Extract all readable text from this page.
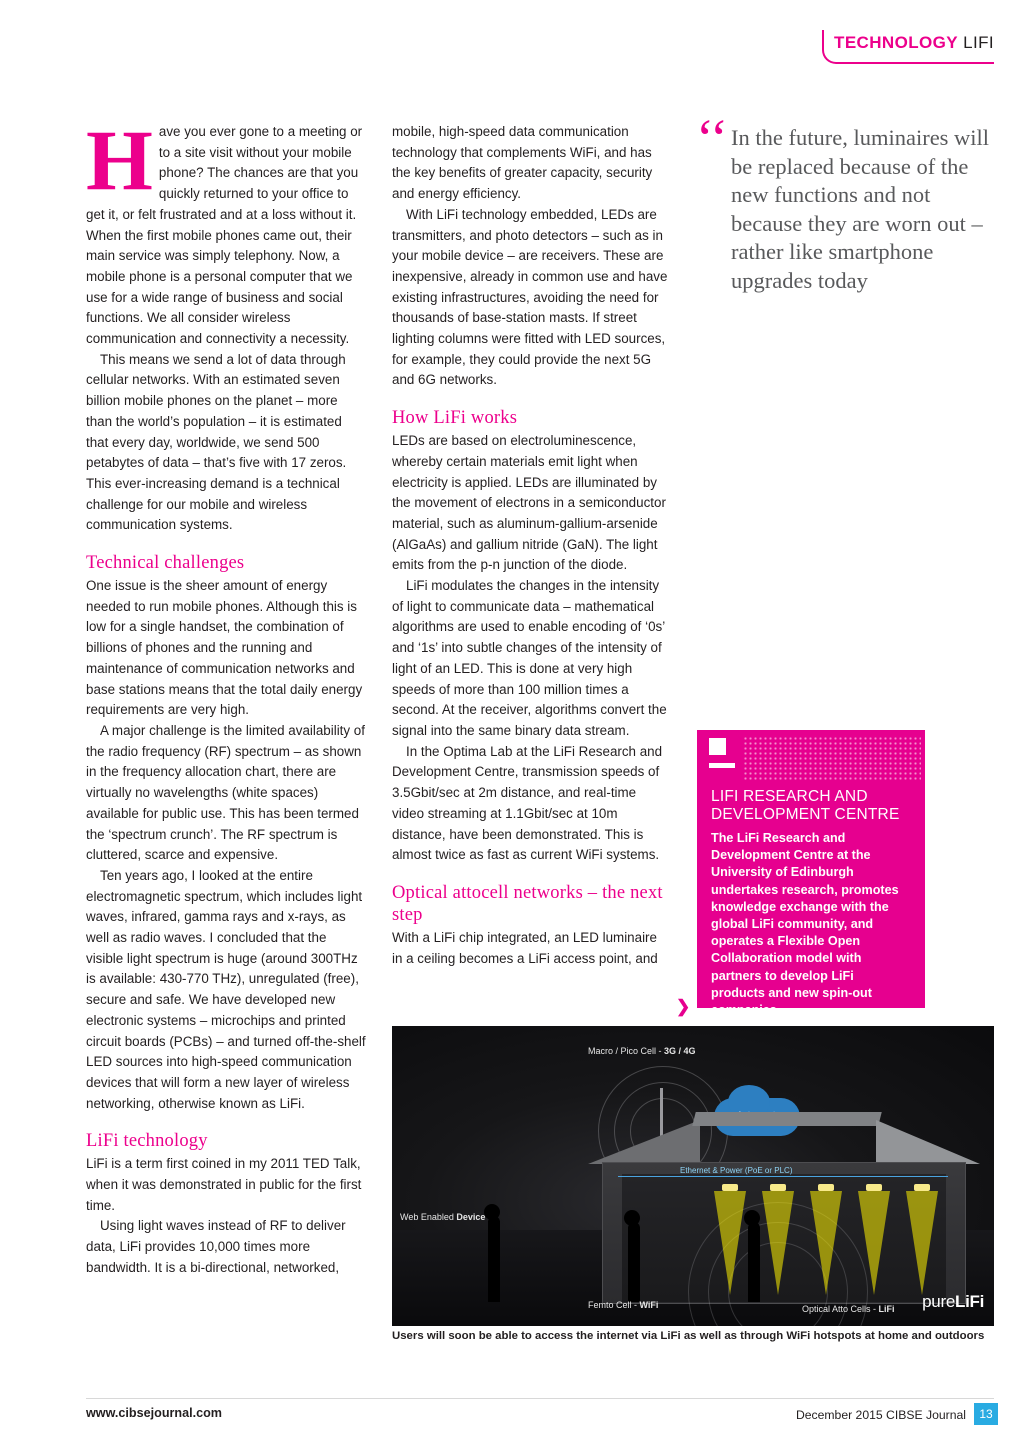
TECHNOLOGY LIFI

Have you ever gone to a meeting or to a site visit without your mobile phone? The chances are that you quickly returned to your office to get it, or felt frustrated and at a loss without it. When the first mobile phones came out, their main service was simply telephony. Now, a mobile phone is a personal computer that we use for a wide range of business and social functions. We all consider wireless communication and connectivity a necessity.

This means we send a lot of data through cellular networks. With an estimated seven billion mobile phones on the planet – more than the world’s population – it is estimated that every day, worldwide, we send 500 petabytes of data – that’s five with 17 zeros. This ever-increasing demand is a technical challenge for our mobile and wireless communication systems.

Technical challenges

One issue is the sheer amount of energy needed to run mobile phones. Although this is low for a single handset, the combination of billions of phones and the running and maintenance of communication networks and base stations means that the total daily energy requirements are very high.

A major challenge is the limited availability of the radio frequency (RF) spectrum – as shown in the frequency allocation chart, there are virtually no wavelengths (white spaces) available for public use. This has been termed the ‘spectrum crunch’. The RF spectrum is cluttered, scarce and expensive.

Ten years ago, I looked at the entire electromagnetic spectrum, which includes light waves, infrared, gamma rays and x-rays, as well as radio waves. I concluded that the visible light spectrum is huge (around 300THz is available: 430-770 THz), unregulated (free), secure and safe. We have developed new electronic systems – microchips and printed circuit boards (PCBs) – and turned off-the-shelf LED sources into high-speed communication devices that will form a new layer of wireless networking, otherwise known as LiFi.

LiFi technology

LiFi is a term first coined in my 2011 TED Talk, when it was demonstrated in public for the first time.

Using light waves instead of RF to deliver data, LiFi provides 10,000 times more bandwidth. It is a bi-directional, networked,

mobile, high-speed data communication technology that complements WiFi, and has the key benefits of greater capacity, security and energy efficiency.

With LiFi technology embedded, LEDs are transmitters, and photo detectors – such as in your mobile device – are receivers. These are inexpensive, already in common use and have existing infrastructures, avoiding the need for thousands of base-station masts. If street lighting columns were fitted with LED sources, for example, they could provide the next 5G and 6G networks.

How LiFi works

LEDs are based on electroluminescence, whereby certain materials emit light when electricity is applied. LEDs are illuminated by the movement of electrons in a semiconductor material, such as aluminum-gallium-arsenide (AlGaAs) and gallium nitride (GaN). The light emits from the p-n junction of the diode.

LiFi modulates the changes in the intensity of light to communicate data – mathematical algorithms are used to enable encoding of ‘0s’ and ‘1s’ into subtle changes of the intensity of light of an LED. This is done at very high speeds of more than 100 million times a second. At the receiver, algorithms convert the signal into the same binary data stream.

In the Optima Lab at the LiFi Research and Development Centre, transmission speeds of 3.5Gbit/sec at 2m distance, and real-time video streaming at 1.1Gbit/sec at 10m distance, have been demonstrated. This is almost twice as fast as current WiFi systems.

Optical attocell networks – the next step

With a LiFi chip integrated, an LED luminaire in a ceiling becomes a LiFi access point, and

‘‘ In the future, luminaires will be replaced because of the new functions and not because they are worn out – rather like smartphone upgrades today
LIFI RESEARCH AND DEVELOPMENT CENTRE

The LiFi Research and Development Centre at the University of Edinburgh undertakes research, promotes knowledge exchange with the global LiFi community, and operates a Flexible Open Collaboration model with partners to develop LiFi products and new spin-out companies.

❯
Ethernet & Power (PoE or PLC)
Macro / Pico Cell - 3G / 4G
Web Enabled Device
Femto Cell - WiFi	Optical Atto Cells - LiFi pureLiFi
Users will soon be able to access the internet via LiFi as well as through WiFi hotspots at home and outdoors
www.cibsejournal.com	December 2015 CIBSE Journal	13
